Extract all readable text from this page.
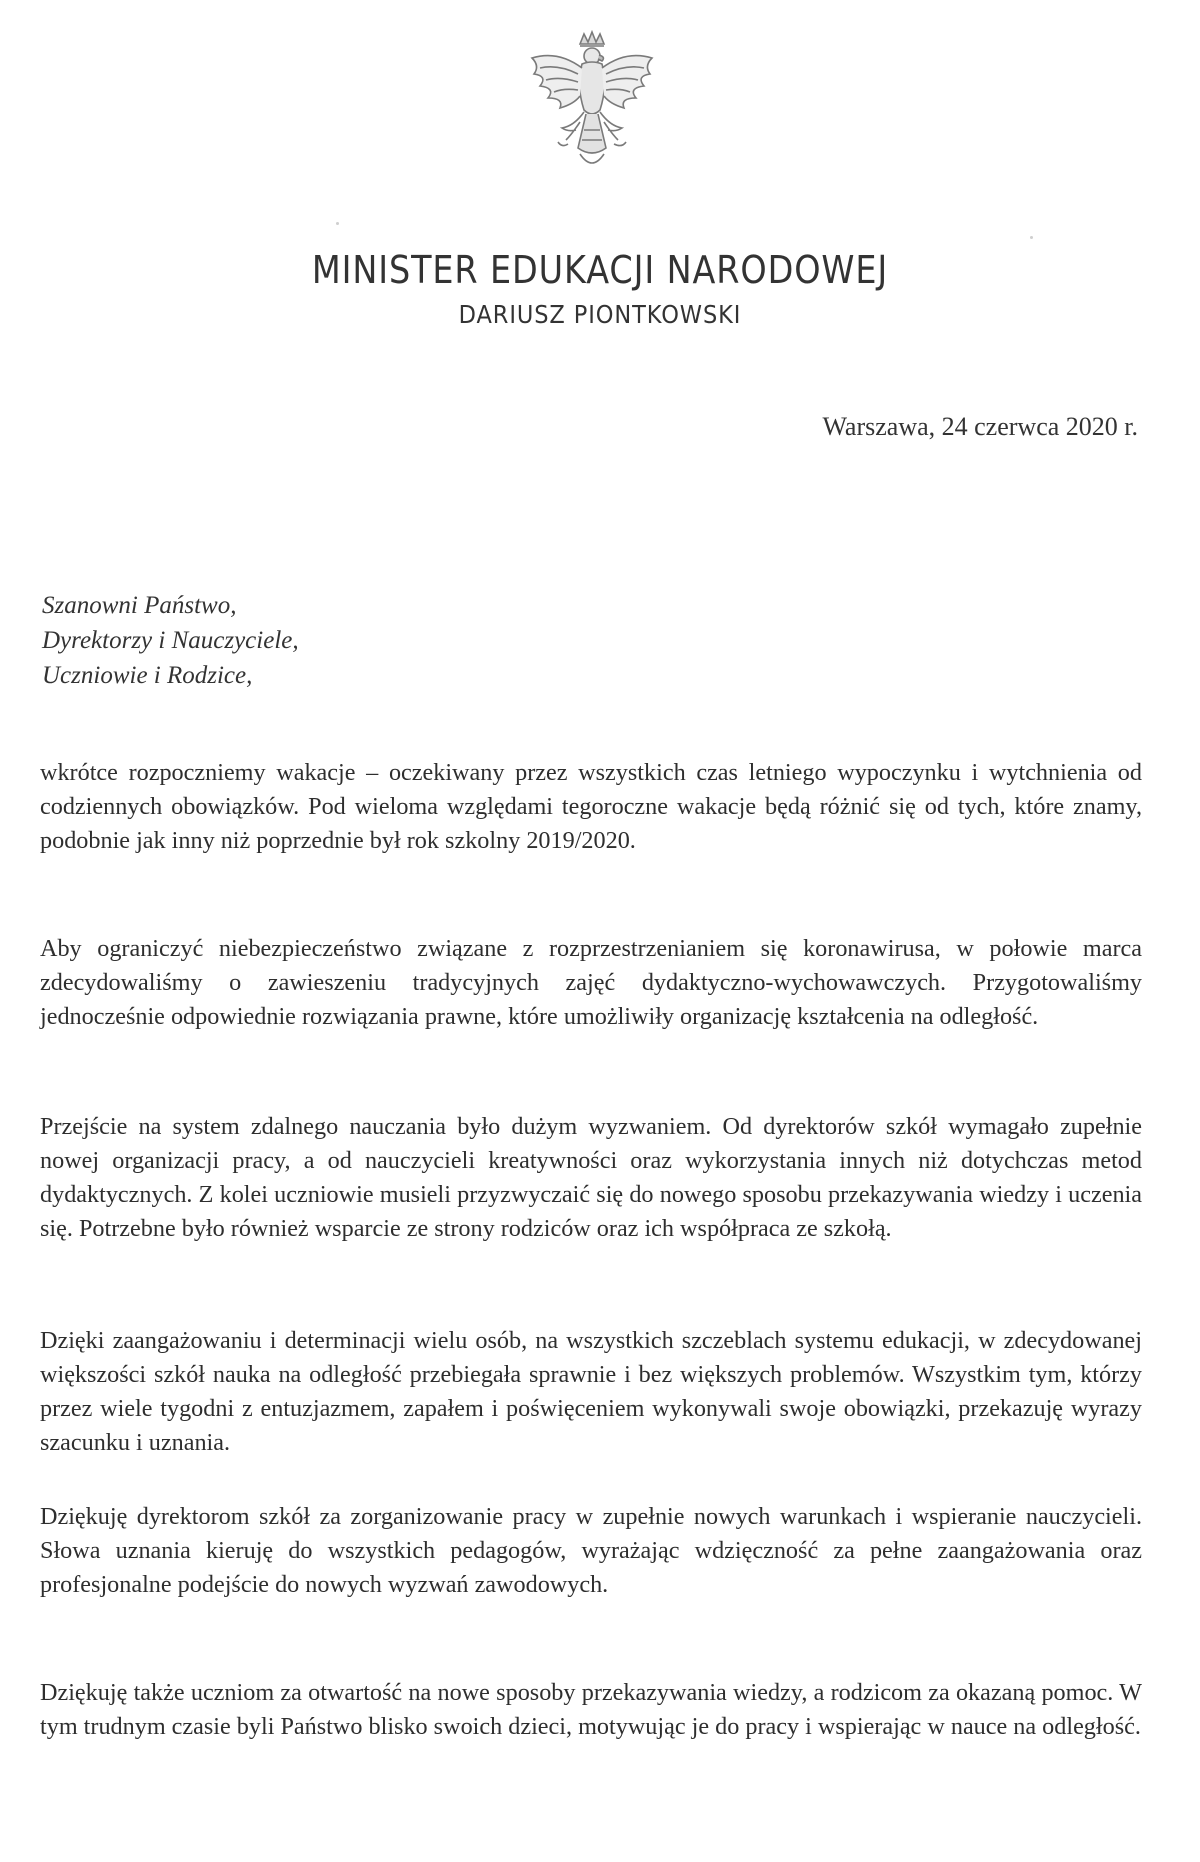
MINISTER EDUKACJI NARODOWEJ
DARIUSZ PIONTKOWSKI
Warszawa, 24 czerwca 2020 r.
Szanowni Państwo,
Dyrektorzy i Nauczyciele,
Uczniowie i Rodzice,
wkrótce rozpoczniemy wakacje – oczekiwany przez wszystkich czas letniego wypoczynku i wytchnienia od codziennych obowiązków. Pod wieloma względami tegoroczne wakacje będą różnić się od tych, które znamy, podobnie jak inny niż poprzednie był rok szkolny 2019/2020.
Aby ograniczyć niebezpieczeństwo związane z rozprzestrzenianiem się koronawirusa, w połowie marca zdecydowaliśmy o zawieszeniu tradycyjnych zajęć dydaktyczno-wychowawczych. Przygotowaliśmy jednocześnie odpowiednie rozwiązania prawne, które umożliwiły organizację kształcenia na odległość.
Przejście na system zdalnego nauczania było dużym wyzwaniem. Od dyrektorów szkół wymagało zupełnie nowej organizacji pracy, a od nauczycieli kreatywności oraz wykorzystania innych niż dotychczas metod dydaktycznych. Z kolei uczniowie musieli przyzwyczaić się do nowego sposobu przekazywania wiedzy i uczenia się. Potrzebne było również wsparcie ze strony rodziców oraz ich współpraca ze szkołą.
Dzięki zaangażowaniu i determinacji wielu osób, na wszystkich szczeblach systemu edukacji, w zdecydowanej większości szkół nauka na odległość przebiegała sprawnie i bez większych problemów. Wszystkim tym, którzy przez wiele tygodni z entuzjazmem, zapałem i poświęceniem wykonywali swoje obowiązki, przekazuję wyrazy szacunku i uznania.
Dziękuję dyrektorom szkół za zorganizowanie pracy w zupełnie nowych warunkach i wspieranie nauczycieli. Słowa uznania kieruję do wszystkich pedagogów, wyrażając wdzięczność za pełne zaangażowania oraz profesjonalne podejście do nowych wyzwań zawodowych.
Dziękuję także uczniom za otwartość na nowe sposoby przekazywania wiedzy, a rodzicom za okazaną pomoc. W tym trudnym czasie byli Państwo blisko swoich dzieci, motywując je do pracy i wspierając w nauce na odległość.
